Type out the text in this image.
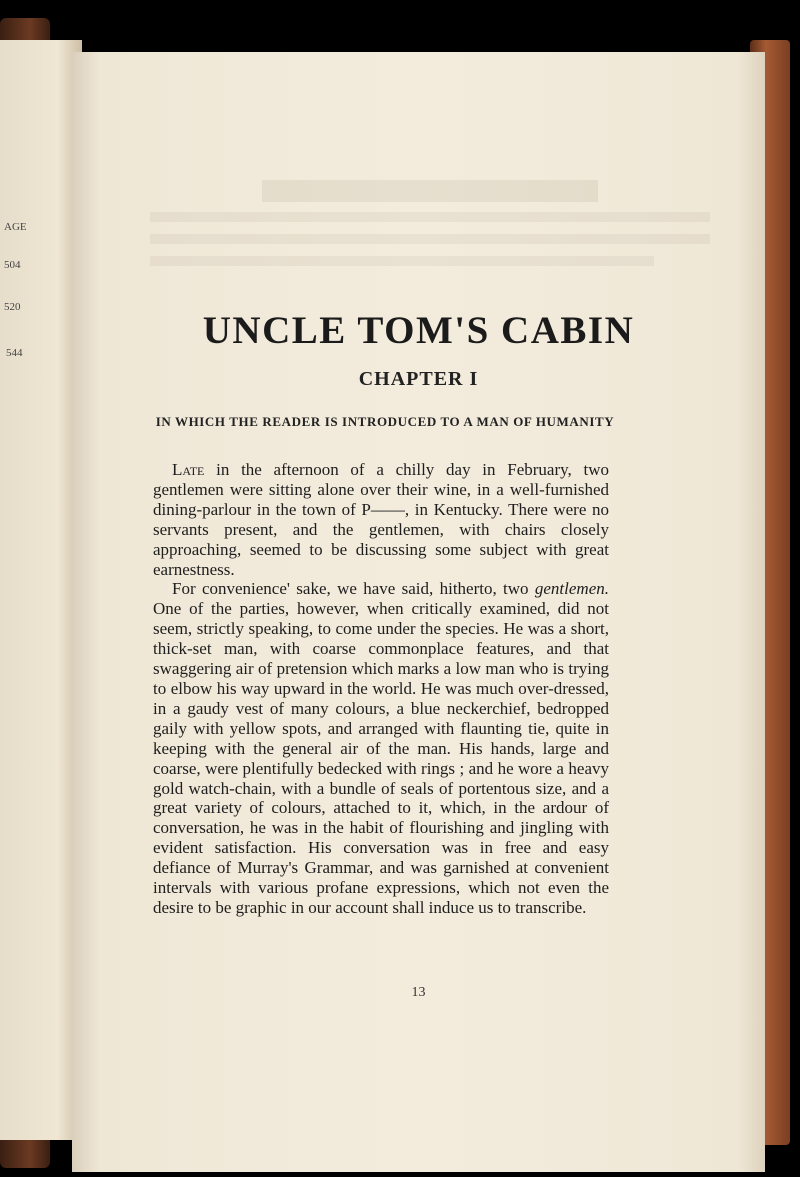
AGE
504
520
544
UNCLE TOM'S CABIN
CHAPTER I
IN WHICH THE READER IS INTRODUCED TO A MAN OF HUMANITY

Late in the afternoon of a chilly day in February, two gentlemen were sitting alone over their wine, in a well-furnished dining-parlour in the town of P——, in Kentucky. There were no servants present, and the gentlemen, with chairs closely approaching, seemed to be discussing some subject with great earnestness.

For convenience' sake, we have said, hitherto, two gentlemen. One of the parties, however, when critically examined, did not seem, strictly speaking, to come under the species. He was a short, thick-set man, with coarse commonplace features, and that swaggering air of pretension which marks a low man who is trying to elbow his way upward in the world. He was much over-dressed, in a gaudy vest of many colours, a blue neckerchief, bedropped gaily with yellow spots, and arranged with flaunting tie, quite in keeping with the general air of the man. His hands, large and coarse, were plentifully bedecked with rings ; and he wore a heavy gold watch-chain, with a bundle of seals of portentous size, and a great variety of colours, attached to it, which, in the ardour of conversation, he was in the habit of flourishing and jingling with evident satisfaction. His conversation was in free and easy defiance of Murray's Grammar, and was garnished at convenient intervals with various profane expressions, which not even the desire to be graphic in our account shall induce us to transcribe.

13
